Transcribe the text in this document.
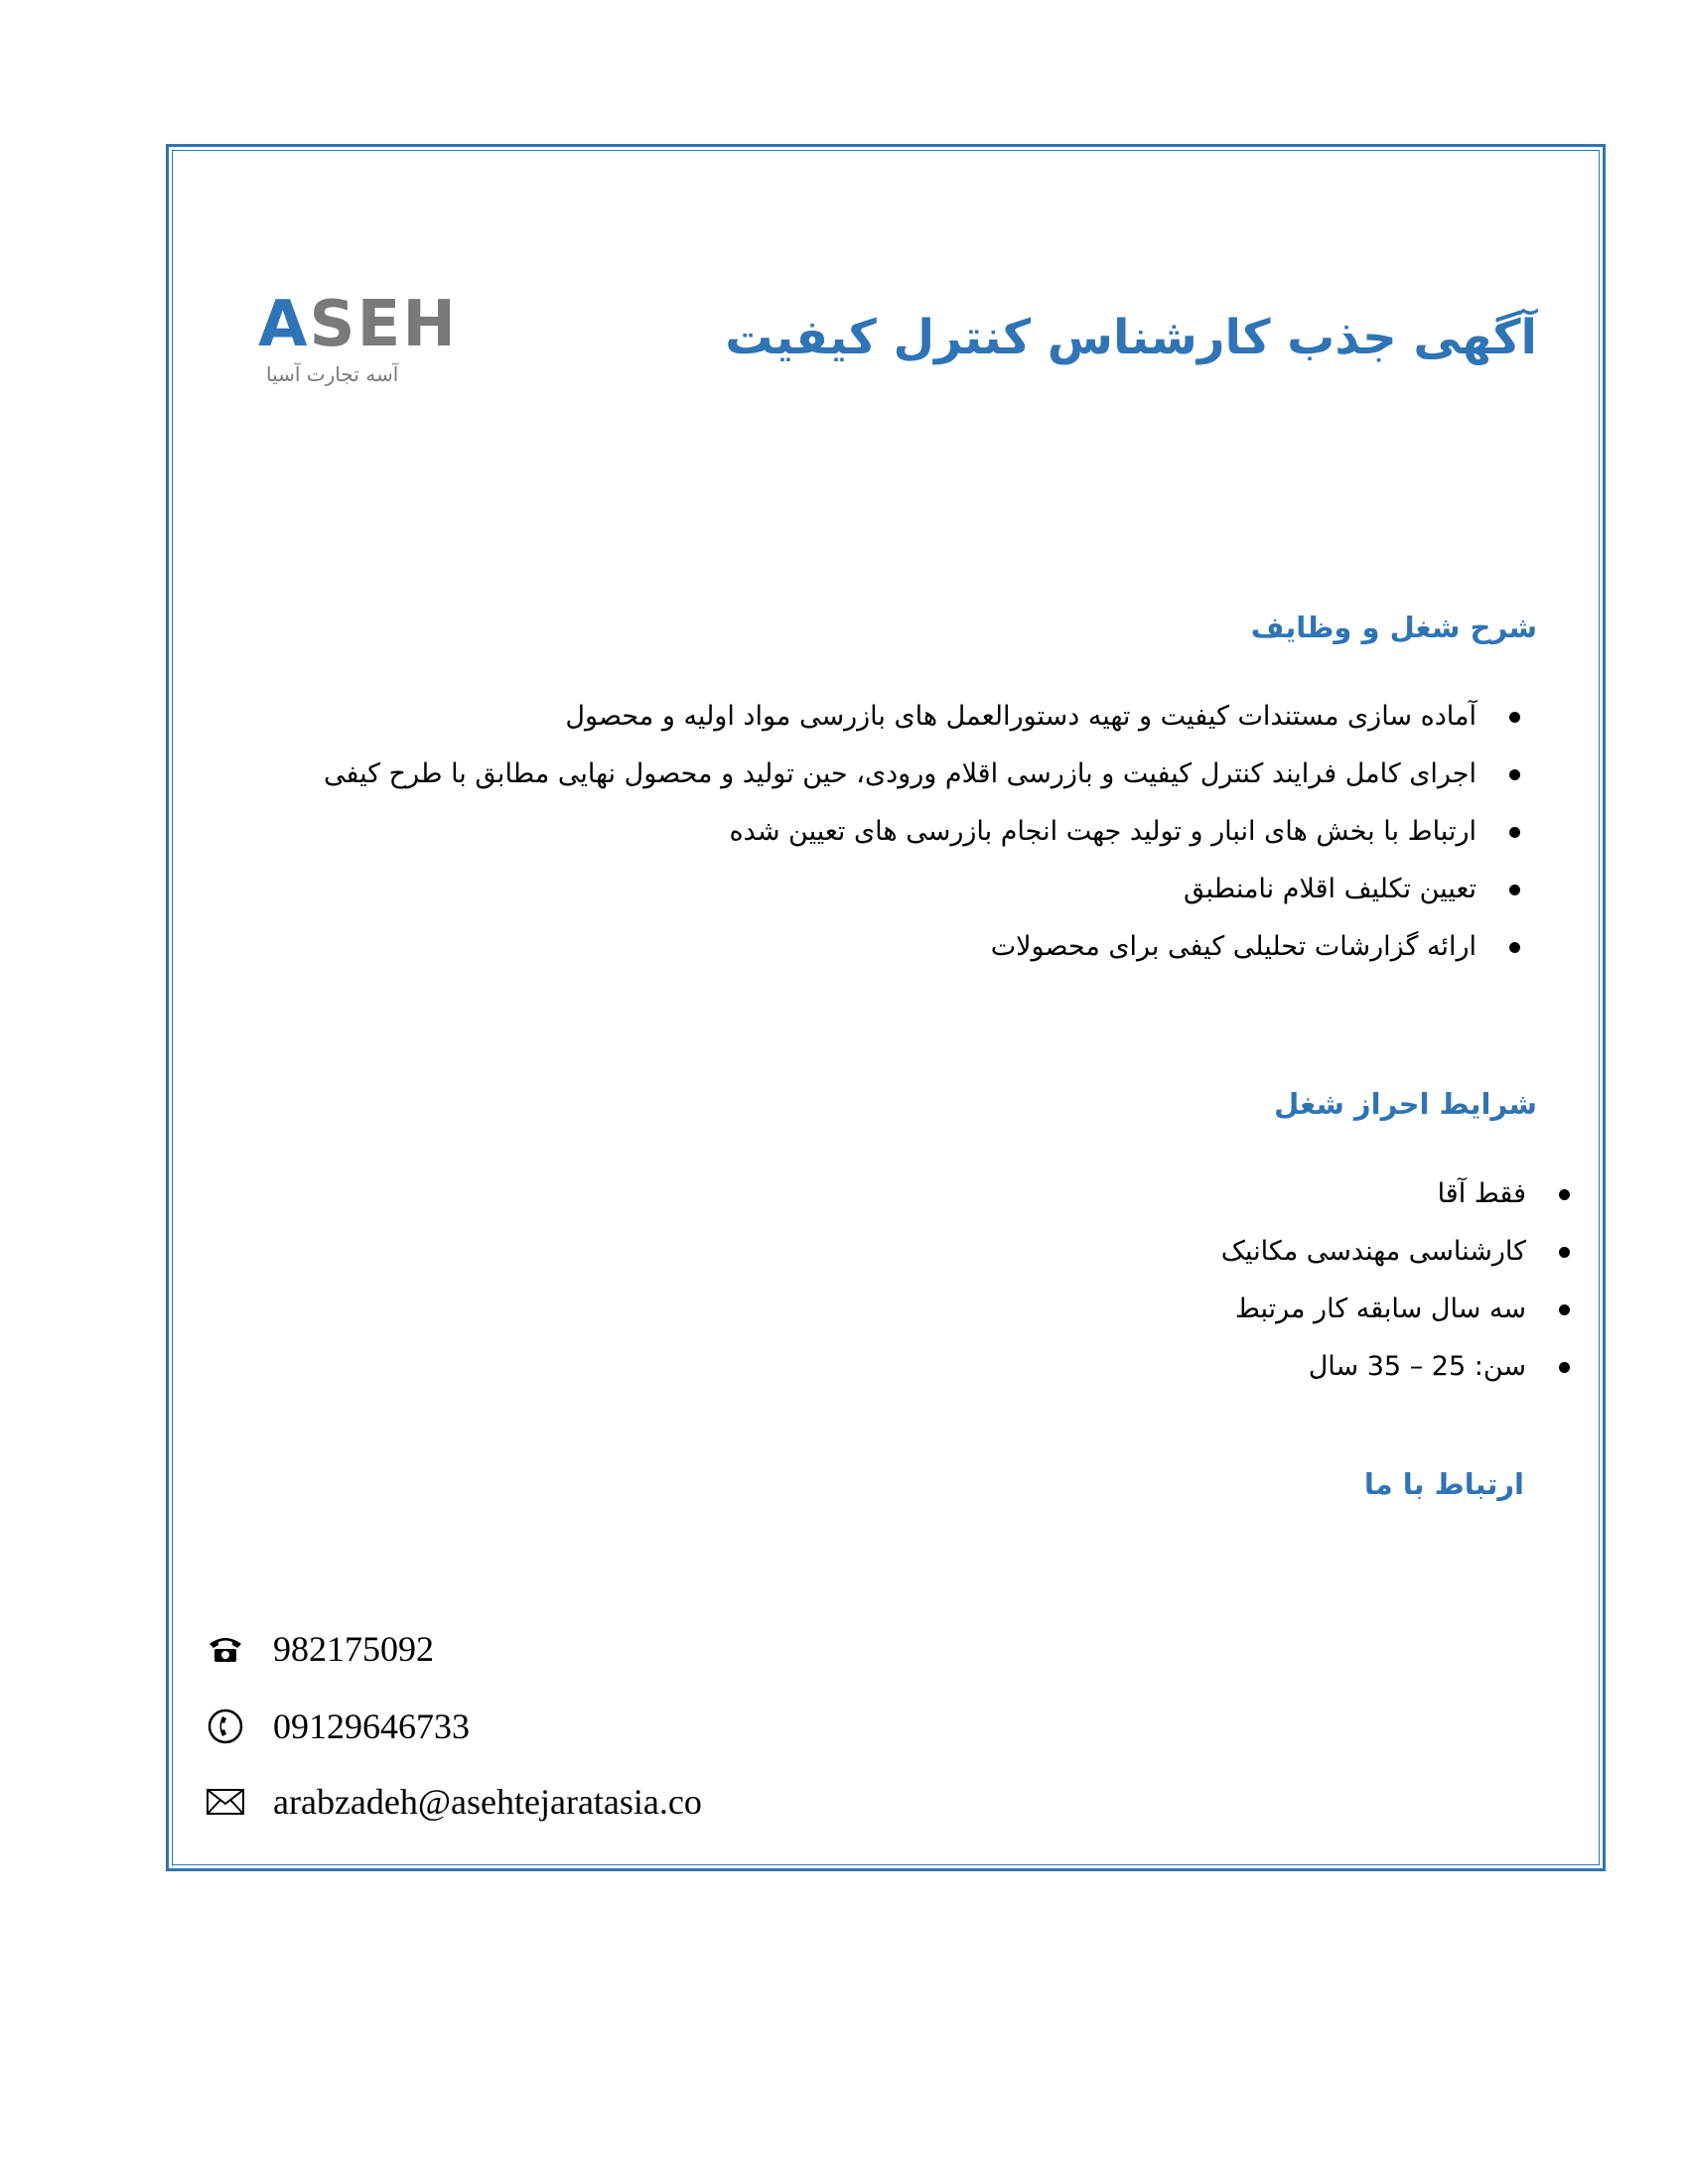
ASEH
آسه تجارت آسیا
آگهی جذب کارشناس کنترل کیفیت
شرح شغل و وظایف
آماده سازی مستندات کیفیت و تهیه دستورالعمل های بازرسی مواد اولیه و محصول
اجرای کامل فرایند کنترل کیفیت و بازرسی اقلام ورودی، حین تولید و محصول نهایی مطابق با طرح کیفی
ارتباط با بخش های انبار و تولید جهت انجام بازرسی های تعیین شده
تعیین تکلیف اقلام نامنطبق
ارائه گزارشات تحلیلی کیفی برای محصولات
شرایط احراز شغل
فقط آقا
کارشناسی مهندسی مکانیک
سه سال سابقه کار مرتبط
سن: 25 – 35 سال
ارتباط با ما
982175092
09129646733
arabzadeh@asehtejaratasia.co
